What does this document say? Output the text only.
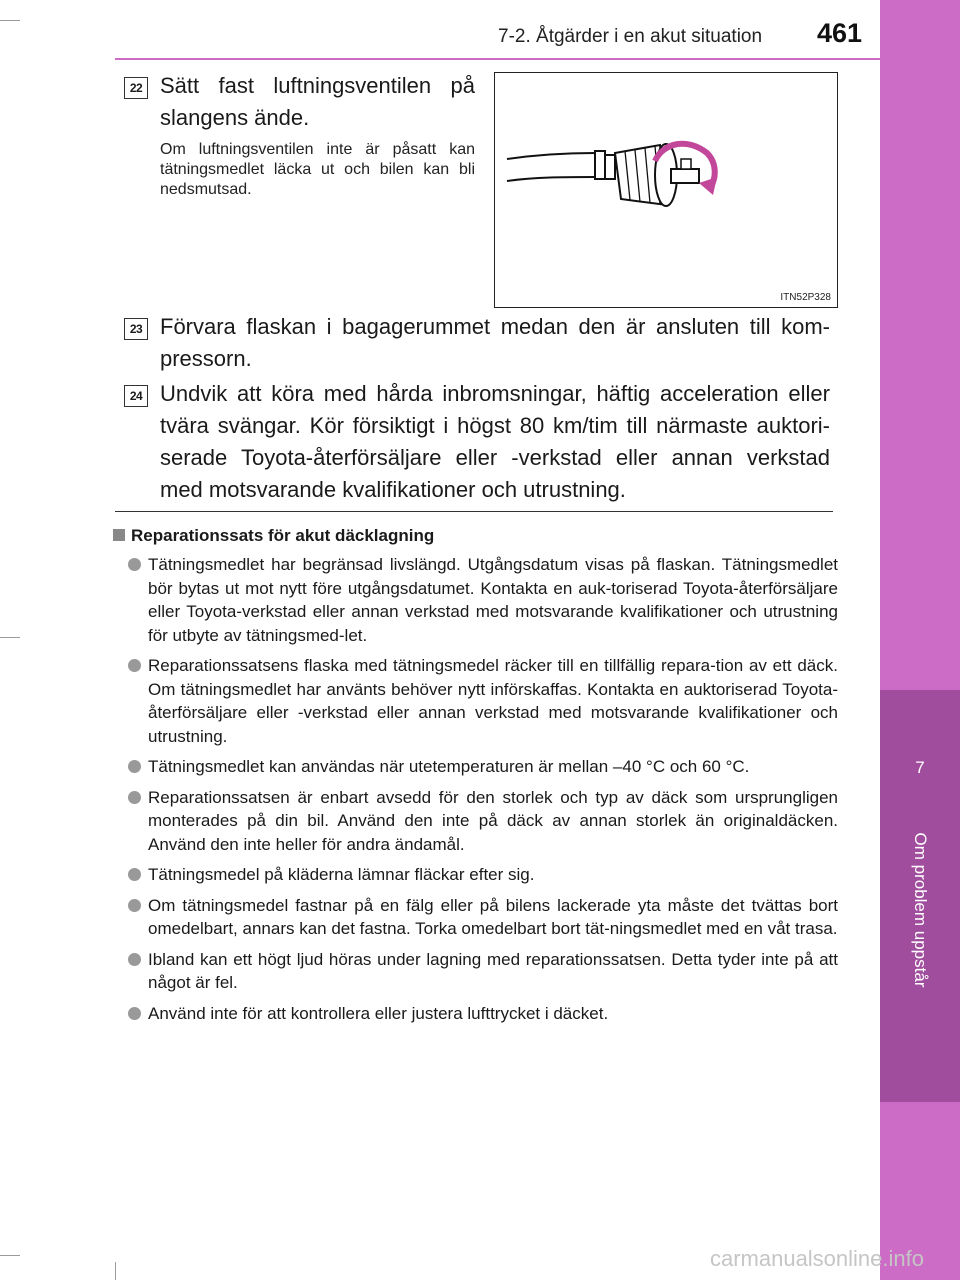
7
Om problem uppstår
7-2. Åtgärder i en akut situation 461
22 Sätt fast luftningsventilen på slangens ände.
Om luftningsventilen inte är påsatt kan tätningsmedlet läcka ut och bilen kan bli nedsmutsad.
ITN52P328
23 Förvara flaskan i bagagerummet medan den är ansluten till kom-pressorn.
24 Undvik att köra med hårda inbromsningar, häftig acceleration eller tvära svängar. Kör försiktigt i högst 80 km/tim till närmaste auktori-serade Toyota-återförsäljare eller -verkstad eller annan verkstad med motsvarande kvalifikationer och utrustning.
Reparationssats för akut däcklagning
Tätningsmedlet har begränsad livslängd. Utgångsdatum visas på flaskan. Tätningsmedlet bör bytas ut mot nytt före utgångsdatumet. Kontakta en auk-toriserad Toyota-återförsäljare eller Toyota-verkstad eller annan verkstad med motsvarande kvalifikationer och utrustning för utbyte av tätningsmed-let.
Reparationssatsens flaska med tätningsmedel räcker till en tillfällig repara-tion av ett däck. Om tätningsmedlet har använts behöver nytt införskaffas. Kontakta en auktoriserad Toyota-återförsäljare eller -verkstad eller annan verkstad med motsvarande kvalifikationer och utrustning.
Tätningsmedlet kan användas när utetemperaturen är mellan –40 °C och 60 °C.
Reparationssatsen är enbart avsedd för den storlek och typ av däck som ursprungligen monterades på din bil. Använd den inte på däck av annan storlek än originaldäcken. Använd den inte heller för andra ändamål.
Tätningsmedel på kläderna lämnar fläckar efter sig.
Om tätningsmedel fastnar på en fälg eller på bilens lackerade yta måste det tvättas bort omedelbart, annars kan det fastna. Torka omedelbart bort tät-ningsmedlet med en våt trasa.
Ibland kan ett högt ljud höras under lagning med reparationssatsen. Detta tyder inte på att något är fel.
Använd inte för att kontrollera eller justera lufttrycket i däcket.
carmanualsonline.info
